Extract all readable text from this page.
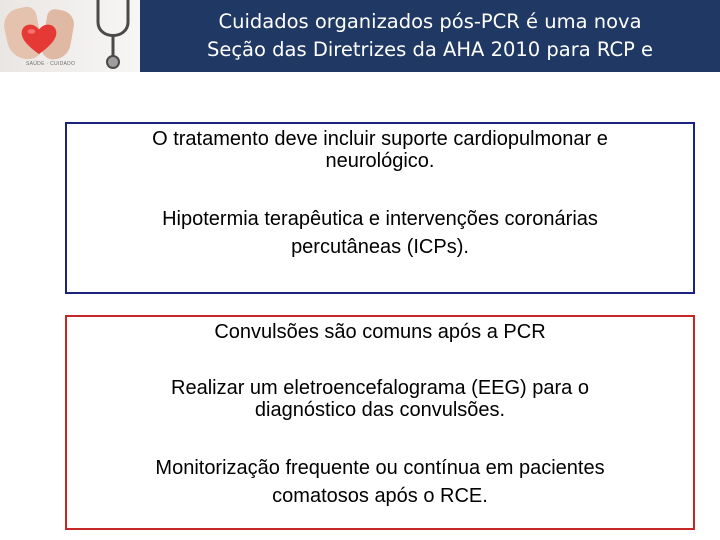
SAÚDE · CUIDADO
Cuidados organizados pós-PCR é uma nova
Seção das Diretrizes da AHA 2010 para RCP e
O tratamento deve incluir suporte cardiopulmonar e
neurológico.
Hipotermia terapêutica e intervenções coronárias
percutâneas (ICPs).
Convulsões são comuns após a PCR
Realizar um eletroencefalograma (EEG) para o
diagnóstico das convulsões.
Monitorização frequente ou contínua em pacientes
comatosos após o RCE.
